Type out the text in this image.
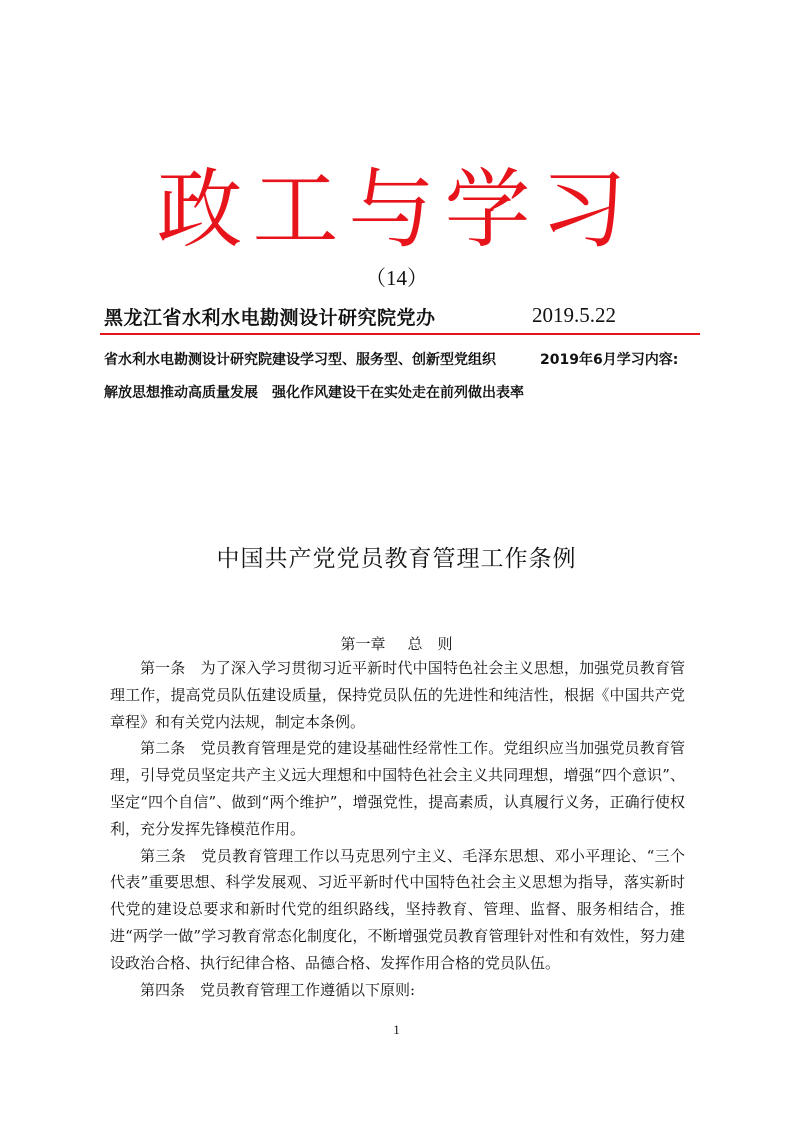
政工与学习
（14）
黑龙江省水利水电勘测设计研究院党办	2019.5.22
省水利水电勘测设计研究院建设学习型、服务型、创新型党组织	2019年6月学习内容:
解放思想推动高质量发展 强化作风建设干在实处走在前列做出表率
中国共产党党员教育管理工作条例
第一章 总　则

第一条　为了深入学习贯彻习近平新时代中国特色社会主义思想，加强党员教育管理工作，提高党员队伍建设质量，保持党员队伍的先进性和纯洁性，根据《中国共产党章程》和有关党内法规，制定本条例。

第二条　党员教育管理是党的建设基础性经常性工作。党组织应当加强党员教育管理，引导党员坚定共产主义远大理想和中国特色社会主义共同理想，增强“四个意识”、坚定“四个自信”、做到“两个维护”，增强党性，提高素质，认真履行义务，正确行使权利，充分发挥先锋模范作用。

第三条　党员教育管理工作以马克思列宁主义、毛泽东思想、邓小平理论、“三个代表”重要思想、科学发展观、习近平新时代中国特色社会主义思想为指导，落实新时代党的建设总要求和新时代党的组织路线，坚持教育、管理、监督、服务相结合，推进“两学一做”学习教育常态化制度化，不断增强党员教育管理针对性和有效性，努力建设政治合格、执行纪律合格、品德合格、发挥作用合格的党员队伍。

第四条　党员教育管理工作遵循以下原则:

1
